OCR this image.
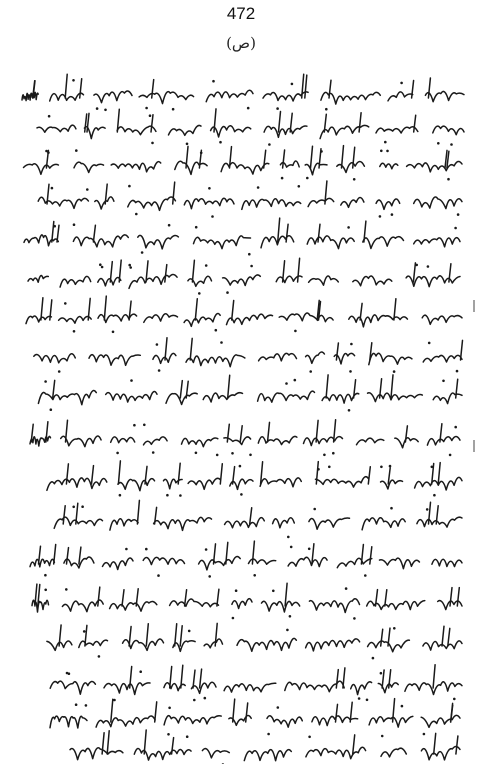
472
(ص)
